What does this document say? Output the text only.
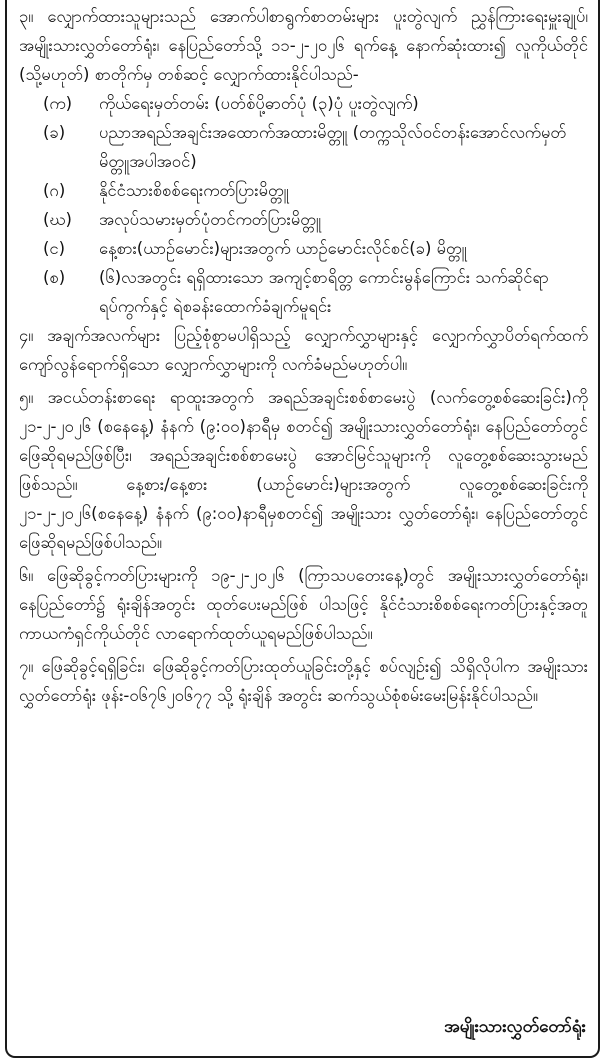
၃။ လျှောက်ထားသူများသည် အောက်ပါစာရွက်စာတမ်းများ ပူးတွဲလျက် ညွှန်ကြားရေးမှူးချုပ်၊ အမျိုးသားလွှတ်တော်ရုံး၊ နေပြည်တော်သို့ ၁၁-၂-၂၀၂၆ ရက်နေ့ နောက်ဆုံးထား၍ လူကိုယ်တိုင် (သို့မဟုတ်) စာတိုက်မှ တစ်ဆင့် လျှောက်ထားနိုင်ပါသည်-

(က)	ကိုယ်ရေးမှတ်တမ်း (ပတ်စ်ပို့ဓာတ်ပုံ (၃)ပုံ ပူးတွဲလျက်)
(ခ)	ပညာအရည်အချင်းအထောက်အထားမိတ္တူ (တက္ကသိုလ်ဝင်တန်းအောင်လက်မှတ်မိတ္တူအပါအဝင်)
(ဂ)	နိုင်ငံသားစိစစ်ရေးကတ်ပြားမိတ္တူ
(ဃ)	အလုပ်သမားမှတ်ပုံတင်ကတ်ပြားမိတ္တူ
(င)	နေ့စား(ယာဉ်မောင်း)များအတွက် ယာဉ်မောင်းလိုင်စင်(ခ) မိတ္တူ
(စ)	(၆)လအတွင်း ရရှိထားသော အကျင့်စာရိတ္တ ကောင်းမွန်ကြောင်း သက်ဆိုင်ရာရပ်ကွက်နှင့် ရဲစခန်းထောက်ခံချက်မူရင်း

၄။ အချက်အလက်များ ပြည့်စုံစွာမပါရှိသည့် လျှောက်လွှာများနှင့် လျှောက်လွှာပိတ်ရက်ထက် ကျော်လွန်ရောက်ရှိသော လျှောက်လွှာများကို လက်ခံမည်မဟုတ်ပါ။

၅။ အငယ်တန်းစာရေး ရာထူးအတွက် အရည်အချင်းစစ်စာမေးပွဲ (လက်တွေ့စစ်ဆေးခြင်း)ကို ၂၁-၂-၂၀၂၆ (စနေနေ့) နံနက် (၉:၀၀)နာရီမှ စတင်၍ အမျိုးသားလွှတ်တော်ရုံး၊ နေပြည်တော်တွင် ဖြေဆိုရမည်ဖြစ်ပြီး၊ အရည်အချင်းစစ်စာမေးပွဲ အောင်မြင်သူများကို လူတွေ့စစ်ဆေးသွားမည် ဖြစ်သည်။ နေ့စား/နေ့စား (ယာဉ်မောင်း)များအတွက် လူတွေ့စစ်ဆေးခြင်းကို ၂၁-၂-၂၀၂၆(စနေနေ့) နံနက် (၉:၀၀)နာရီမှစတင်၍ အမျိုးသား လွှတ်တော်ရုံး၊ နေပြည်တော်တွင် ဖြေဆိုရမည်ဖြစ်ပါသည်။

၆။ ဖြေဆိုခွင့်ကတ်ပြားများကို ၁၉-၂-၂၀၂၆ (ကြာသပတေးနေ့)တွင် အမျိုးသားလွှတ်တော်ရုံး၊ နေပြည်တော်၌ ရုံးချိန်အတွင်း ထုတ်ပေးမည်ဖြစ် ပါသဖြင့် နိုင်ငံသားစိစစ်ရေးကတ်ပြားနှင့်အတူ ကာယကံရှင်ကိုယ်တိုင် လာရောက်ထုတ်ယူရမည်ဖြစ်ပါသည်။

၇။ ဖြေဆိုခွင့်ရရှိခြင်း၊ ဖြေဆိုခွင့်ကတ်ပြားထုတ်ယူခြင်းတို့နှင့် စပ်လျဉ်း၍ သိရှိလိုပါက အမျိုးသားလွှတ်တော်ရုံး ဖုန်း-၀၆၇၆၂၀၆၇၇ သို့ ရုံးချိန် အတွင်း ဆက်သွယ်စုံစမ်းမေးမြန်းနိုင်ပါသည်။

အမျိုးသားလွှတ်တော်ရုံး
